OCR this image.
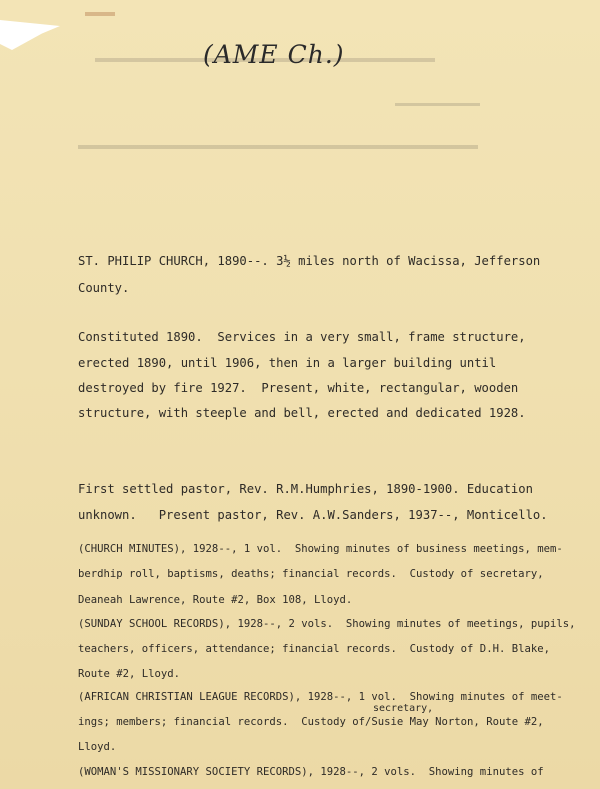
(AME Ch.)
ST. PHILIP CHURCH, 1890--. 3½ miles north of Wacissa, Jefferson
County.
Constituted 1890.  Services in a very small, frame structure,
erected 1890, until 1906, then in a larger building until
destroyed by fire 1927.  Present, white, rectangular, wooden
structure, with steeple and bell, erected and dedicated 1928.
First settled pastor, Rev. R.M.Humphries, 1890-1900. Education
unknown.   Present pastor, Rev. A.W.Sanders, 1937--, Monticello.
(CHURCH MINUTES), 1928--, 1 vol.  Showing minutes of business meetings, mem-
berdhip roll, baptisms, deaths; financial records.  Custody of secretary,
Deaneah Lawrence, Route #2, Box 108, Lloyd.
(SUNDAY SCHOOL RECORDS), 1928--, 2 vols.  Showing minutes of meetings, pupils,
teachers, officers, attendance; financial records.  Custody of D.H. Blake,
Route #2, Lloyd.
(AFRICAN CHRISTIAN LEAGUE RECORDS), 1928--, 1 vol.  Showing minutes of meet-
secretary,
ings; members; financial records.  Custody of/Susie May Norton, Route #2,
Lloyd.
(WOMAN'S MISSIONARY SOCIETY RECORDS), 1928--, 2 vols.  Showing minutes of
